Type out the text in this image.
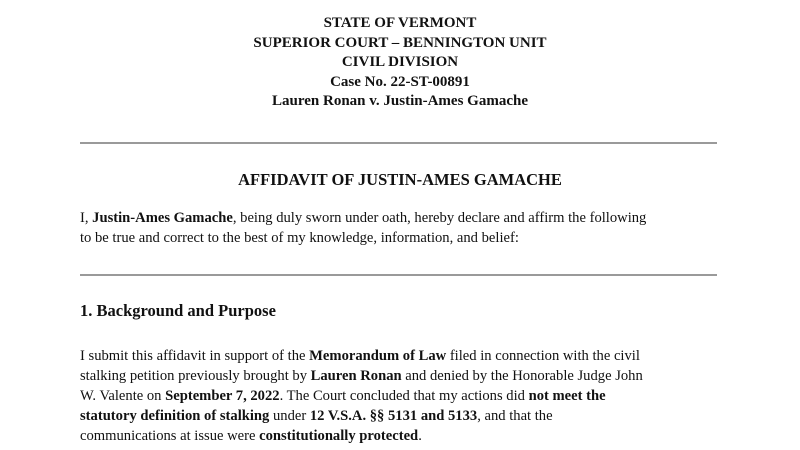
STATE OF VERMONT
SUPERIOR COURT – BENNINGTON UNIT
CIVIL DIVISION
Case No. 22-ST-00891
Lauren Ronan v. Justin-Ames Gamache
AFFIDAVIT OF JUSTIN-AMES GAMACHE
I, Justin-Ames Gamache, being duly sworn under oath, hereby declare and affirm the following
to be true and correct to the best of my knowledge, information, and belief:
1. Background and Purpose
I submit this affidavit in support of the Memorandum of Law filed in connection with the civil
stalking petition previously brought by Lauren Ronan and denied by the Honorable Judge John
W. Valente on September 7, 2022. The Court concluded that my actions did not meet the
statutory definition of stalking under 12 V.S.A. §§ 5131 and 5133, and that the
communications at issue were constitutionally protected.
